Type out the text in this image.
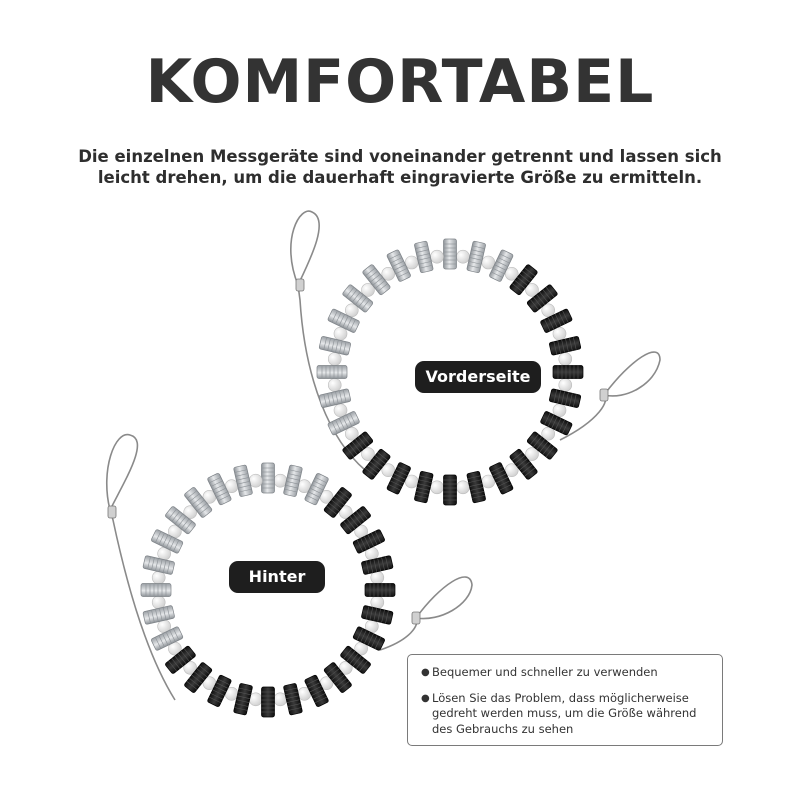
KOMFORTABEL
Die einzelnen Messgeräte sind voneinander getrennt und lassen sich leicht drehen, um die dauerhaft eingravierte Größe zu ermitteln.
Vorderseite
Hinter
● Bequemer und schneller zu verwenden
● Lösen Sie das Problem, dass möglicherweise gedreht werden muss, um die Größe während des Gebrauchs zu sehen
